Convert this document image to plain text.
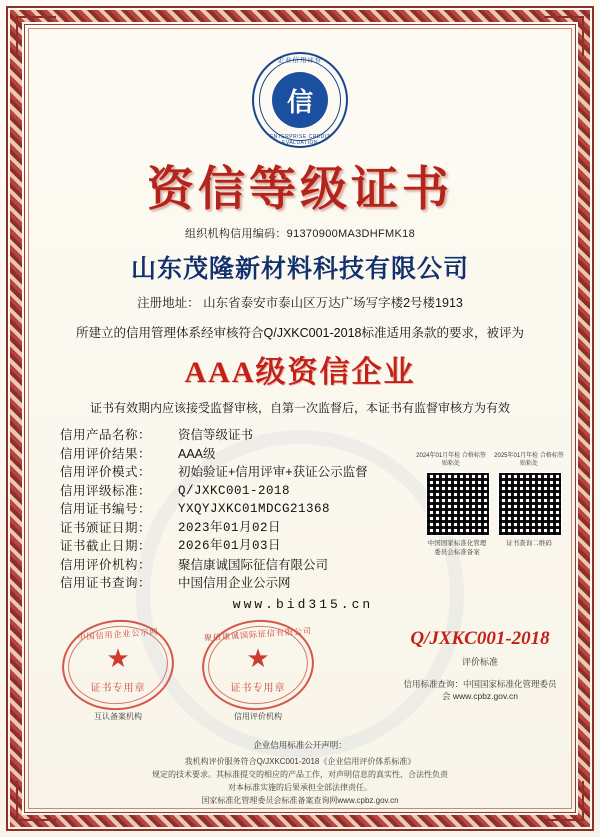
企业信用评价
信
ENTERPRISE CREDIT EVALUATION
资信等级证书
组织机构信用编码：91370900MA3DHFMK18
山东茂隆新材料科技有限公司
注册地址： 山东省泰安市泰山区万达广场写字楼2号楼1913
所建立的信用管理体系经审核符合Q/JXKC001-2018标准适用条款的要求，被评为
AAA级资信企业
证书有效期内应该接受监督审核，自第一次监督后，本证书有监督审核方为有效
信用产品名称：	资信等级证书
信用评价结果：	AAA级
信用评价模式：	初始验证+信用评审+获证公示监督
信用评级标准：	Q/JXKC001-2018
信用证书编号：	YXQYJXKC01MDCG21368
证书颁证日期：	2023年01月02日
证书截止日期：	2026年01月03日
信用评价机构：	聚信康诚国际征信有限公司
信用证书查询：	中国信用企业公示网
www.bid315.cn
2024年01月年检 合格标签贴粘处
2025年01月年检 合格标签贴粘处
中国国家标准化管理 委员会标准备案
证书查询二维码
中国信用企业公示网
★
证书专用章
互认备案机构
聚信康诚国际征信有限公司
★
证书专用章
信用评价机构
Q/JXKC001-2018
评价标准
信用标准查询：中国国家标准化管理委员会 www.cpbz.gov.cn
企业信用标准公开声明：
我机构评价服务符合Q/JXKC001-2018《企业信用评价体系标准》
规定的技术要求。其标准提交的相应的产品工作，对声明信息的真实性、合法性负责
对本标准实施的后果承担全部法律责任。
国家标准化管理委员会标准备案查询网www.cpbz.gov.cn
